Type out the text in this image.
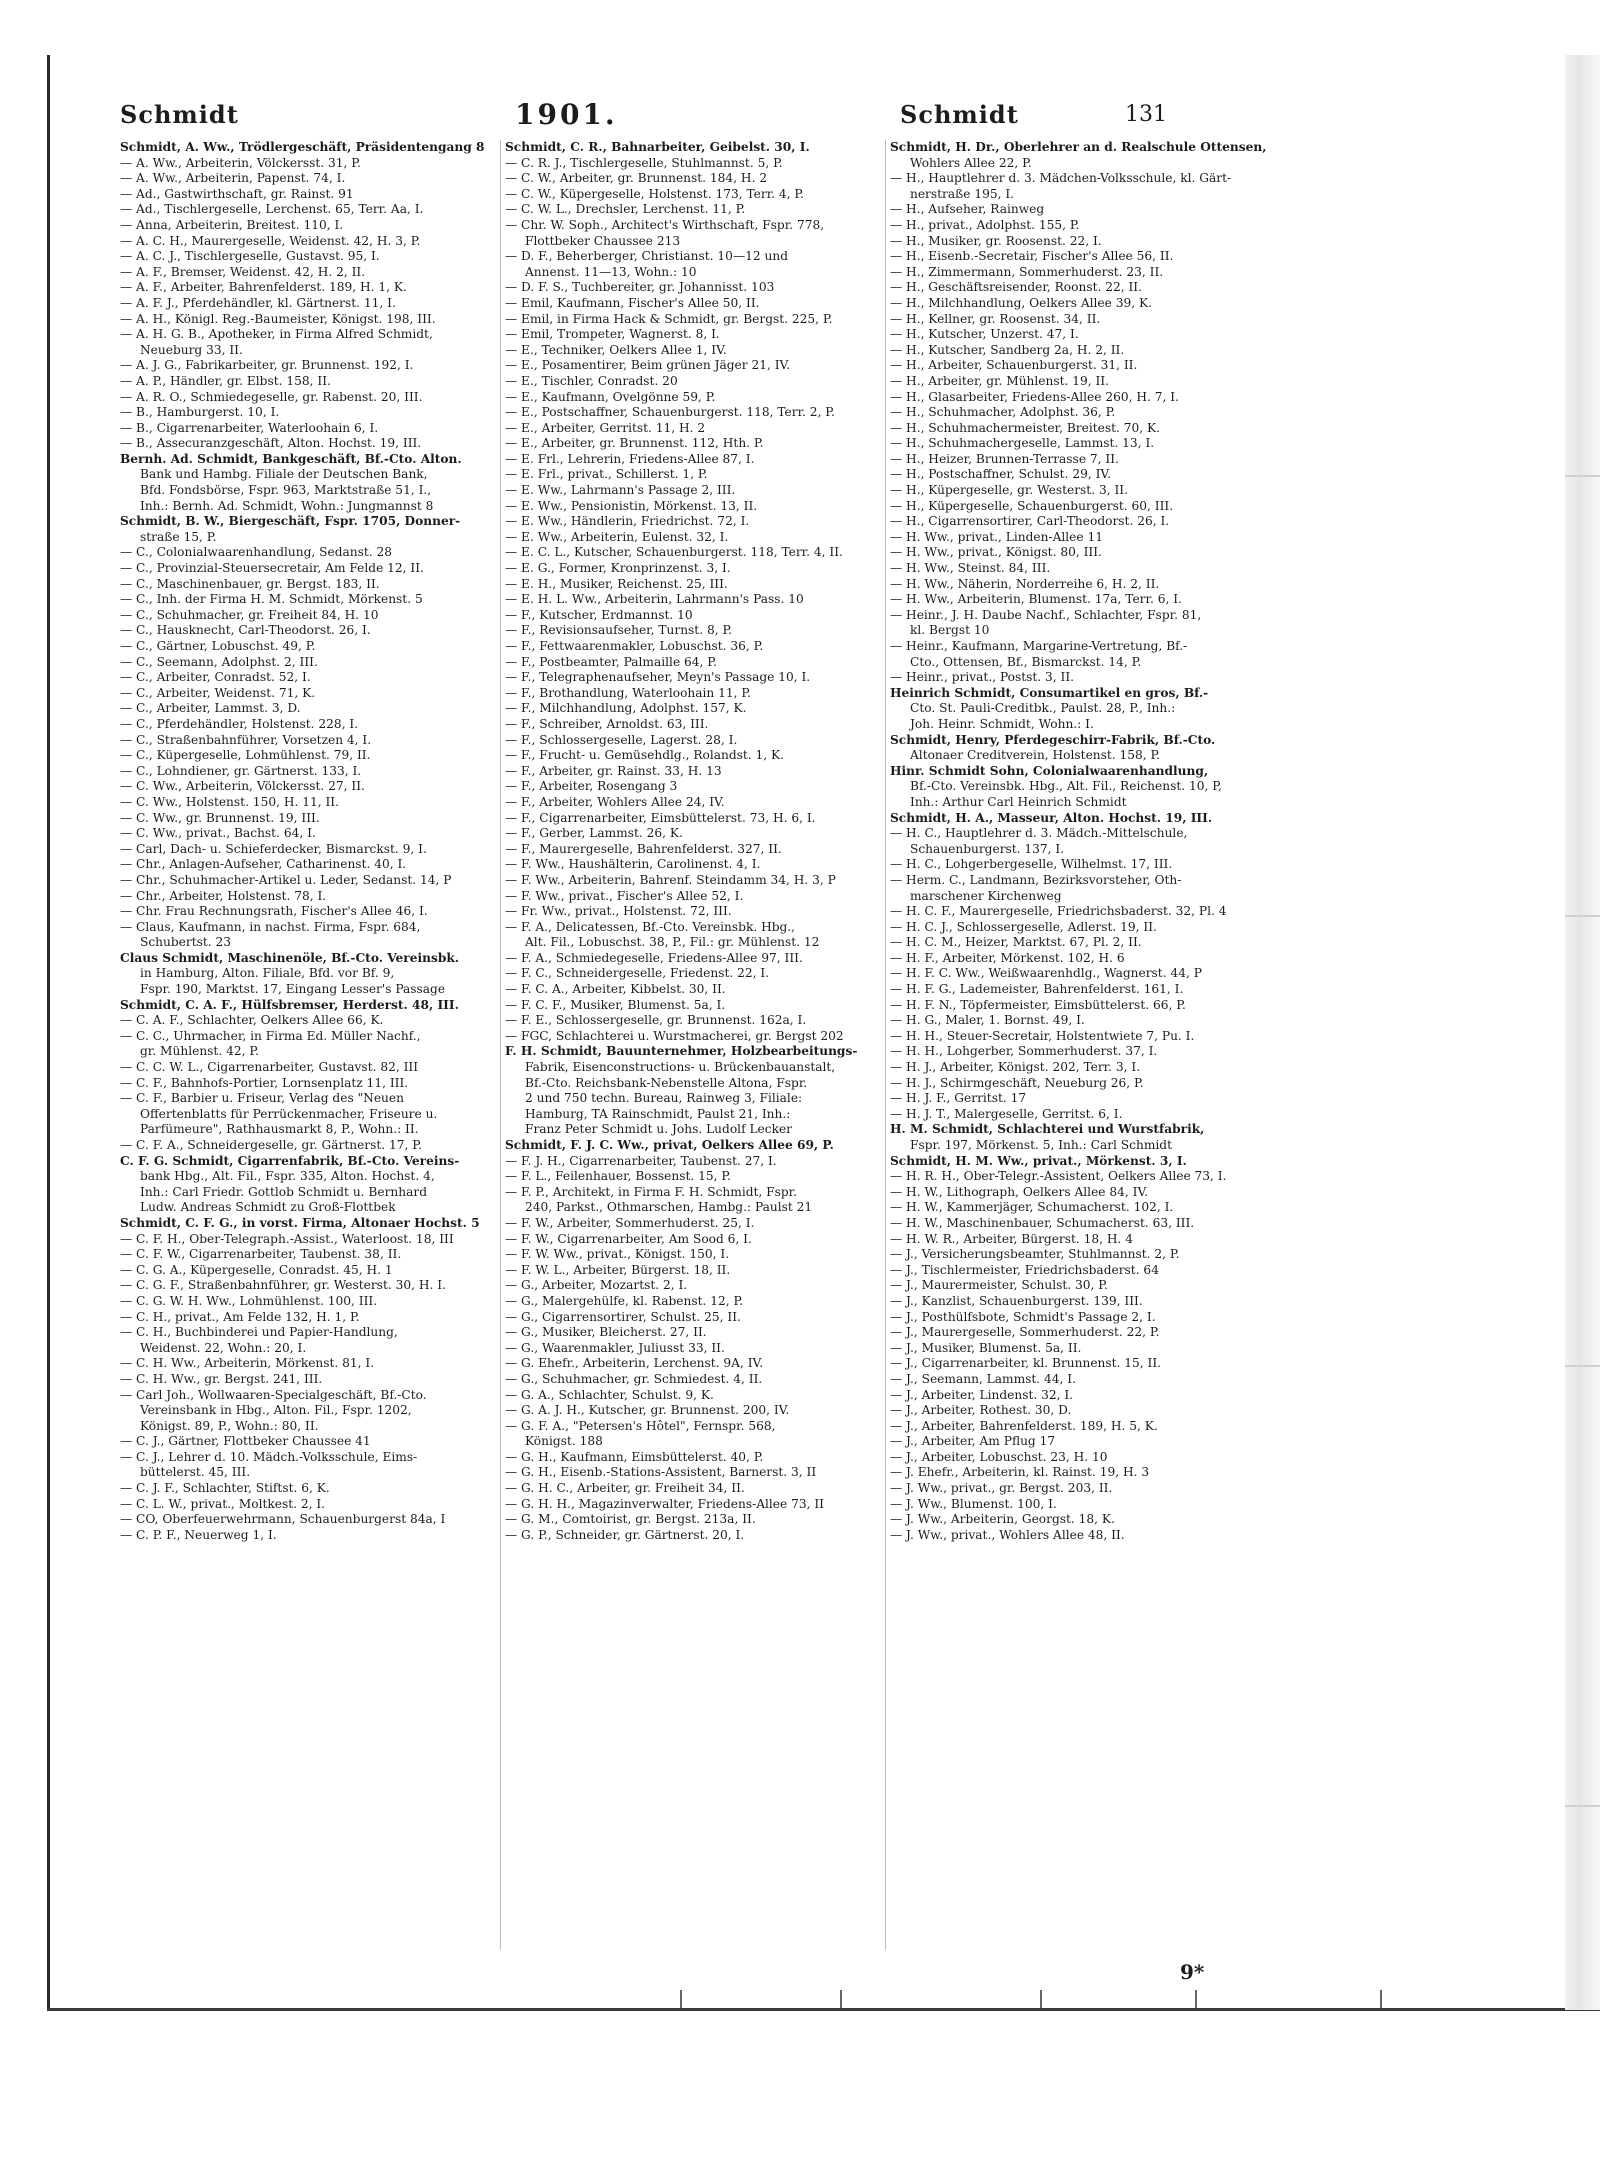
Schmidt	1901.	Schmidt	131
Schmidt, A. Ww., Trödlergeschäft, Präsidentengang 8
— A. Ww., Arbeiterin, Völckersst. 31, P.
— A. Ww., Arbeiterin, Papenst. 74, I.
— Ad., Gastwirthschaft, gr. Rainst. 91
— Ad., Tischlergeselle, Lerchenst. 65, Terr. Aa, I.
— Anna, Arbeiterin, Breitest. 110, I.
— A. C. H., Maurergeselle, Weidenst. 42, H. 3, P.
— A. C. J., Tischlergeselle, Gustavst. 95, I.
— A. F., Bremser, Weidenst. 42, H. 2, II.
— A. F., Arbeiter, Bahrenfelderst. 189, H. 1, K.
— A. F. J., Pferdehändler, kl. Gärtnerst. 11, I.
— A. H., Königl. Reg.-Baumeister, Königst. 198, III.
— A. H. G. B., Apotheker, in Firma Alfred Schmidt,
Neueburg 33, II.
— A. J. G., Fabrikarbeiter, gr. Brunnenst. 192, I.
— A. P., Händler, gr. Elbst. 158, II.
— A. R. O., Schmiedegeselle, gr. Rabenst. 20, III.
— B., Hamburgerst. 10, I.
— B., Cigarrenarbeiter, Waterloohain 6, I.
— B., Assecuranzgeschäft, Alton. Hochst. 19, III.
Bernh. Ad. Schmidt, Bankgeschäft, Bf.-Cto. Alton.
Bank und Hambg. Filiale der Deutschen Bank,
Bfd. Fondsbörse, Fspr. 963, Marktstraße 51, I.,
Inh.: Bernh. Ad. Schmidt, Wohn.: Jungmannst 8
Schmidt, B. W., Biergeschäft, Fspr. 1705, Donner-
straße 15, P.
— C., Colonialwaarenhandlung, Sedanst. 28
— C., Provinzial-Steuersecretair, Am Felde 12, II.
— C., Maschinenbauer, gr. Bergst. 183, II.
— C., Inh. der Firma H. M. Schmidt, Mörkenst. 5
— C., Schuhmacher, gr. Freiheit 84, H. 10
— C., Hausknecht, Carl-Theodorst. 26, I.
— C., Gärtner, Lobuschst. 49, P.
— C., Seemann, Adolphst. 2, III.
— C., Arbeiter, Conradst. 52, I.
— C., Arbeiter, Weidenst. 71, K.
— C., Arbeiter, Lammst. 3, D.
— C., Pferdehändler, Holstenst. 228, I.
— C., Straßenbahnführer, Vorsetzen 4, I.
— C., Küpergeselle, Lohmühlenst. 79, II.
— C., Lohndiener, gr. Gärtnerst. 133, I.
— C. Ww., Arbeiterin, Völckersst. 27, II.
— C. Ww., Holstenst. 150, H. 11, II.
— C. Ww., gr. Brunnenst. 19, III.
— C. Ww., privat., Bachst. 64, I.
— Carl, Dach- u. Schieferdecker, Bismarckst. 9, I.
— Chr., Anlagen-Aufseher, Catharinenst. 40, I.
— Chr., Schuhmacher-Artikel u. Leder, Sedanst. 14, P
— Chr., Arbeiter, Holstenst. 78, I.
— Chr. Frau Rechnungsrath, Fischer's Allee 46, I.
— Claus, Kaufmann, in nachst. Firma, Fspr. 684,
Schubertst. 23
Claus Schmidt, Maschinenöle, Bf.-Cto. Vereinsbk.
in Hamburg, Alton. Filiale, Bfd. vor Bf. 9,
Fspr. 190, Marktst. 17, Eingang Lesser's Passage
Schmidt, C. A. F., Hülfsbremser, Herderst. 48, III.
— C. A. F., Schlachter, Oelkers Allee 66, K.
— C. C., Uhrmacher, in Firma Ed. Müller Nachf.,
gr. Mühlenst. 42, P.
— C. C. W. L., Cigarrenarbeiter, Gustavst. 82, III
— C. F., Bahnhofs-Portier, Lornsenplatz 11, III.
— C. F., Barbier u. Friseur, Verlag des "Neuen
Offertenblatts für Perrückenmacher, Friseure u.
Parfümeure", Rathhausmarkt 8, P., Wohn.: II.
— C. F. A., Schneidergeselle, gr. Gärtnerst. 17, P.
C. F. G. Schmidt, Cigarrenfabrik, Bf.-Cto. Vereins-
bank Hbg., Alt. Fil., Fspr. 335, Alton. Hochst. 4,
Inh.: Carl Friedr. Gottlob Schmidt u. Bernhard
Ludw. Andreas Schmidt zu Groß-Flottbek
Schmidt, C. F. G., in vorst. Firma, Altonaer Hochst. 5
— C. F. H., Ober-Telegraph.-Assist., Waterloost. 18, III
— C. F. W., Cigarrenarbeiter, Taubenst. 38, II.
— C. G. A., Küpergeselle, Conradst. 45, H. 1
— C. G. F., Straßenbahnführer, gr. Westerst. 30, H. I.
— C. G. W. H. Ww., Lohmühlenst. 100, III.
— C. H., privat., Am Felde 132, H. 1, P.
— C. H., Buchbinderei und Papier-Handlung,
Weidenst. 22, Wohn.: 20, I.
— C. H. Ww., Arbeiterin, Mörkenst. 81, I.
— C. H. Ww., gr. Bergst. 241, III.
— Carl Joh., Wollwaaren-Specialgeschäft, Bf.-Cto.
Vereinsbank in Hbg., Alton. Fil., Fspr. 1202,
Königst. 89, P., Wohn.: 80, II.
— C. J., Gärtner, Flottbeker Chaussee 41
— C. J., Lehrer d. 10. Mädch.-Volksschule, Eims-
büttelerst. 45, III.
— C. J. F., Schlachter, Stiftst. 6, K.
— C. L. W., privat., Moltkest. 2, I.
— CO, Oberfeuerwehrmann, Schauenburgerst 84a, I
— C. P. F., Neuerweg 1, I.
Schmidt, C. R., Bahnarbeiter, Geibelst. 30, I.
— C. R. J., Tischlergeselle, Stuhlmannst. 5, P.
— C. W., Arbeiter, gr. Brunnenst. 184, H. 2
— C. W., Küpergeselle, Holstenst. 173, Terr. 4, P.
— C. W. L., Drechsler, Lerchenst. 11, P.
— Chr. W. Soph., Architect's Wirthschaft, Fspr. 778,
Flottbeker Chaussee 213
— D. F., Beherberger, Christianst. 10—12 und
Annenst. 11—13, Wohn.: 10
— D. F. S., Tuchbereiter, gr. Johannisst. 103
— Emil, Kaufmann, Fischer's Allee 50, II.
— Emil, in Firma Hack & Schmidt, gr. Bergst. 225, P.
— Emil, Trompeter, Wagnerst. 8, I.
— E., Techniker, Oelkers Allee 1, IV.
— E., Posamentirer, Beim grünen Jäger 21, IV.
— E., Tischler, Conradst. 20
— E., Kaufmann, Ovelgönne 59, P.
— E., Postschaffner, Schauenburgerst. 118, Terr. 2, P.
— E., Arbeiter, Gerritst. 11, H. 2
— E., Arbeiter, gr. Brunnenst. 112, Hth. P.
— E. Frl., Lehrerin, Friedens-Allee 87, I.
— E. Frl., privat., Schillerst. 1, P.
— E. Ww., Lahrmann's Passage 2, III.
— E. Ww., Pensionistin, Mörkenst. 13, II.
— E. Ww., Händlerin, Friedrichst. 72, I.
— E. Ww., Arbeiterin, Eulenst. 32, I.
— E. C. L., Kutscher, Schauenburgerst. 118, Terr. 4, II.
— E. G., Former, Kronprinzenst. 3, I.
— E. H., Musiker, Reichenst. 25, III.
— E. H. L. Ww., Arbeiterin, Lahrmann's Pass. 10
— F., Kutscher, Erdmannst. 10
— F., Revisionsaufseher, Turnst. 8, P.
— F., Fettwaarenmakler, Lobuschst. 36, P.
— F., Postbeamter, Palmaille 64, P.
— F., Telegraphenaufseher, Meyn's Passage 10, I.
— F., Brothandlung, Waterloohain 11, P.
— F., Milchhandlung, Adolphst. 157, K.
— F., Schreiber, Arnoldst. 63, III.
— F., Schlossergeselle, Lagerst. 28, I.
— F., Frucht- u. Gemüsehdlg., Rolandst. 1, K.
— F., Arbeiter, gr. Rainst. 33, H. 13
— F., Arbeiter, Rosengang 3
— F., Arbeiter, Wohlers Allee 24, IV.
— F., Cigarrenarbeiter, Eimsbüttelerst. 73, H. 6, I.
— F., Gerber, Lammst. 26, K.
— F., Maurergeselle, Bahrenfelderst. 327, II.
— F. Ww., Haushälterin, Carolinenst. 4, I.
— F. Ww., Arbeiterin, Bahrenf. Steindamm 34, H. 3, P
— F. Ww., privat., Fischer's Allee 52, I.
— Fr. Ww., privat., Holstenst. 72, III.
— F. A., Delicatessen, Bf.-Cto. Vereinsbk. Hbg.,
Alt. Fil., Lobuschst. 38, P., Fil.: gr. Mühlenst. 12
— F. A., Schmiedegeselle, Friedens-Allee 97, III.
— F. C., Schneidergeselle, Friedenst. 22, I.
— F. C. A., Arbeiter, Kibbelst. 30, II.
— F. C. F., Musiker, Blumenst. 5a, I.
— F. E., Schlossergeselle, gr. Brunnenst. 162a, I.
— FGC, Schlachterei u. Wurstmacherei, gr. Bergst 202
F. H. Schmidt, Bauunternehmer, Holzbearbeitungs-
Fabrik, Eisenconstructions- u. Brückenbauanstalt,
Bf.-Cto. Reichsbank-Nebenstelle Altona, Fspr.
2 und 750 techn. Bureau, Rainweg 3, Filiale:
Hamburg, TA Rainschmidt, Paulst 21, Inh.:
Franz Peter Schmidt u. Johs. Ludolf Lecker
Schmidt, F. J. C. Ww., privat, Oelkers Allee 69, P.
— F. J. H., Cigarrenarbeiter, Taubenst. 27, I.
— F. L., Feilenhauer, Bossenst. 15, P.
— F. P., Architekt, in Firma F. H. Schmidt, Fspr.
240, Parkst., Othmarschen, Hambg.: Paulst 21
— F. W., Arbeiter, Sommerhuderst. 25, I.
— F. W., Cigarrenarbeiter, Am Sood 6, I.
— F. W. Ww., privat., Königst. 150, I.
— F. W. L., Arbeiter, Bürgerst. 18, II.
— G., Arbeiter, Mozartst. 2, I.
— G., Malergehülfe, kl. Rabenst. 12, P.
— G., Cigarrensortirer, Schulst. 25, II.
— G., Musiker, Bleicherst. 27, II.
— G., Waarenmakler, Juliusst 33, II.
— G. Ehefr., Arbeiterin, Lerchenst. 9A, IV.
— G., Schuhmacher, gr. Schmiedest. 4, II.
— G. A., Schlachter, Schulst. 9, K.
— G. A. J. H., Kutscher, gr. Brunnenst. 200, IV.
— G. F. A., "Petersen's Hôtel", Fernspr. 568,
Königst. 188
— G. H., Kaufmann, Eimsbüttelerst. 40, P.
— G. H., Eisenb.-Stations-Assistent, Barnerst. 3, II
— G. H. C., Arbeiter, gr. Freiheit 34, II.
— G. H. H., Magazinverwalter, Friedens-Allee 73, II
— G. M., Comtoirist, gr. Bergst. 213a, II.
— G. P., Schneider, gr. Gärtnerst. 20, I.
Schmidt, H. Dr., Oberlehrer an d. Realschule Ottensen,
Wohlers Allee 22, P.
— H., Hauptlehrer d. 3. Mädchen-Volksschule, kl. Gärt-
nerstraße 195, I.
— H., Aufseher, Rainweg
— H., privat., Adolphst. 155, P.
— H., Musiker, gr. Roosenst. 22, I.
— H., Eisenb.-Secretair, Fischer's Allee 56, II.
— H., Zimmermann, Sommerhuderst. 23, II.
— H., Geschäftsreisender, Roonst. 22, II.
— H., Milchhandlung, Oelkers Allee 39, K.
— H., Kellner, gr. Roosenst. 34, II.
— H., Kutscher, Unzerst. 47, I.
— H., Kutscher, Sandberg 2a, H. 2, II.
— H., Arbeiter, Schauenburgerst. 31, II.
— H., Arbeiter, gr. Mühlenst. 19, II.
— H., Glasarbeiter, Friedens-Allee 260, H. 7, I.
— H., Schuhmacher, Adolphst. 36, P.
— H., Schuhmachermeister, Breitest. 70, K.
— H., Schuhmachergeselle, Lammst. 13, I.
— H., Heizer, Brunnen-Terrasse 7, II.
— H., Postschaffner, Schulst. 29, IV.
— H., Küpergeselle, gr. Westerst. 3, II.
— H., Küpergeselle, Schauenburgerst. 60, III.
— H., Cigarrensortirer, Carl-Theodorst. 26, I.
— H. Ww., privat., Linden-Allee 11
— H. Ww., privat., Königst. 80, III.
— H. Ww., Steinst. 84, III.
— H. Ww., Näherin, Norderreihe 6, H. 2, II.
— H. Ww., Arbeiterin, Blumenst. 17a, Terr. 6, I.
— Heinr., J. H. Daube Nachf., Schlachter, Fspr. 81,
kl. Bergst 10
— Heinr., Kaufmann, Margarine-Vertretung, Bf.-
Cto., Ottensen, Bf., Bismarckst. 14, P.
— Heinr., privat., Postst. 3, II.
Heinrich Schmidt, Consumartikel en gros, Bf.-
Cto. St. Pauli-Creditbk., Paulst. 28, P., Inh.:
Joh. Heinr. Schmidt, Wohn.: I.
Schmidt, Henry, Pferdegeschirr-Fabrik, Bf.-Cto.
Altonaer Creditverein, Holstenst. 158, P.
Hinr. Schmidt Sohn, Colonialwaarenhandlung,
Bf.-Cto. Vereinsbk. Hbg., Alt. Fil., Reichenst. 10, P,
Inh.: Arthur Carl Heinrich Schmidt
Schmidt, H. A., Masseur, Alton. Hochst. 19, III.
— H. C., Hauptlehrer d. 3. Mädch.-Mittelschule,
Schauenburgerst. 137, I.
— H. C., Lohgerbergeselle, Wilhelmst. 17, III.
— Herm. C., Landmann, Bezirksvorsteher, Oth-
marschener Kirchenweg
— H. C. F., Maurergeselle, Friedrichsbaderst. 32, Pl. 4
— H. C. J., Schlossergeselle, Adlerst. 19, II.
— H. C. M., Heizer, Marktst. 67, Pl. 2, II.
— H. F., Arbeiter, Mörkenst. 102, H. 6
— H. F. C. Ww., Weißwaarenhdlg., Wagnerst. 44, P
— H. F. G., Lademeister, Bahrenfelderst. 161, I.
— H. F. N., Töpfermeister, Eimsbüttelerst. 66, P.
— H. G., Maler, 1. Bornst. 49, I.
— H. H., Steuer-Secretair, Holstentwiete 7, Pu. I.
— H. H., Lohgerber, Sommerhuderst. 37, I.
— H. J., Arbeiter, Königst. 202, Terr. 3, I.
— H. J., Schirmgeschäft, Neueburg 26, P.
— H. J. F., Gerritst. 17
— H. J. T., Malergeselle, Gerritst. 6, I.
H. M. Schmidt, Schlachterei und Wurstfabrik,
Fspr. 197, Mörkenst. 5, Inh.: Carl Schmidt
Schmidt, H. M. Ww., privat., Mörkenst. 3, I.
— H. R. H., Ober-Telegr.-Assistent, Oelkers Allee 73, I.
— H. W., Lithograph, Oelkers Allee 84, IV.
— H. W., Kammerjäger, Schumacherst. 102, I.
— H. W., Maschinenbauer, Schumacherst. 63, III.
— H. W. R., Arbeiter, Bürgerst. 18, H. 4
— J., Versicherungsbeamter, Stuhlmannst. 2, P.
— J., Tischlermeister, Friedrichsbaderst. 64
— J., Maurermeister, Schulst. 30, P.
— J., Kanzlist, Schauenburgerst. 139, III.
— J., Posthülfsbote, Schmidt's Passage 2, I.
— J., Maurergeselle, Sommerhuderst. 22, P.
— J., Musiker, Blumenst. 5a, II.
— J., Cigarrenarbeiter, kl. Brunnenst. 15, II.
— J., Seemann, Lammst. 44, I.
— J., Arbeiter, Lindenst. 32, I.
— J., Arbeiter, Rothest. 30, D.
— J., Arbeiter, Bahrenfelderst. 189, H. 5, K.
— J., Arbeiter, Am Pflug 17
— J., Arbeiter, Lobuschst. 23, H. 10
— J. Ehefr., Arbeiterin, kl. Rainst. 19, H. 3
— J. Ww., privat., gr. Bergst. 203, II.
— J. Ww., Blumenst. 100, I.
— J. Ww., Arbeiterin, Georgst. 18, K.
— J. Ww., privat., Wohlers Allee 48, II.
9*
